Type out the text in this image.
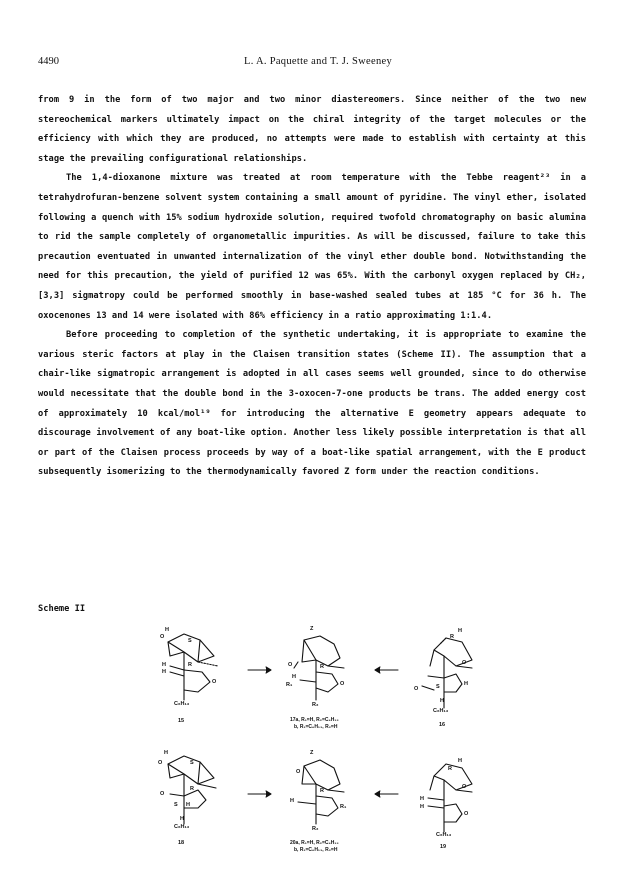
4490	L. A. Paquette and T. J. Sweeney

from 9 in the form of two major and two minor diastereomers. Since neither of the two new stereochemical markers ultimately impact on the chiral integrity of the target molecules or the efficiency with which they are produced, no attempts were made to establish with certainty at this stage the prevailing configurational relationships.

The 1,4-dioxanone mixture was treated at room temperature with the Tebbe reagent²³ in a tetrahydrofuran-benzene solvent system containing a small amount of pyridine. The vinyl ether, isolated following a quench with 15% sodium hydroxide solution, required twofold chromatography on basic alumina to rid the sample completely of organometallic impurities. As will be discussed, failure to take this precaution eventuated in unwanted internalization of the vinyl ether double bond. Notwithstanding the need for this precaution, the yield of purified 12 was 65%. With the carbonyl oxygen replaced by CH₂, [3,3] sigmatropy could be performed smoothly in base-washed sealed tubes at 185 °C for 36 h. The oxocenones 13 and 14 were isolated with 86% efficiency in a ratio approximating 1:1.4.

Before proceeding to completion of the synthetic undertaking, it is appropriate to examine the various steric factors at play in the Claisen transition states (Scheme II). The assumption that a chair-like sigmatropic arrangement is adopted in all cases seems well grounded, since to do otherwise would necessitate that the double bond in the 3-oxocen-7-one products be trans. The added energy cost of approximately 10 kcal/mol¹⁹ for introducing the alternative E geometry appears adequate to discourage involvement of any boat-like option. Another less likely possible interpretation is that all or part of the Claisen process proceeds by way of a boat-like spatial arrangement, with the E product subsequently isomerizing to the thermodynamically favored Z form under the reaction conditions.

Scheme II
O
H
S
R
H
H
O
C₆H₁₃
15
Z
O	R
H
R₁	O
R₂
17a, R₁=H, R₂=C₆H₁₃
b, R₁=C₆H₁₃, R₂=H
H
R
O
O	S	H
H
C₆H₁₃
16
H
O	S
R
O
S H
H
C₆H₁₃
18
Z
O
R
H
R₁
R₂
20a, R₁=H, R₂=C₆H₁₃
b, R₁=C₆H₁₃, R₂=H
H
R
O
H
H
O
C₆H₁₃
19
